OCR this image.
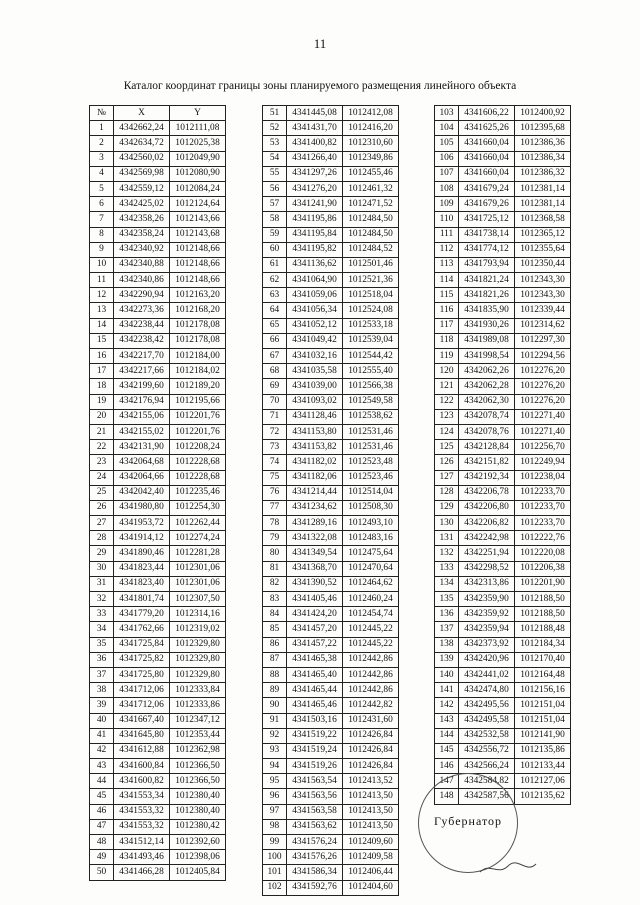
11
Каталог координат границы зоны планируемого размещения линейного объекта
№	X	Y
1	4342662,24	1012111,08
2	4342634,72	1012025,38
3	4342560,02	1012049,90
4	4342569,98	1012080,90
5	4342559,12	1012084,24
6	4342425,02	1012124,64
7	4342358,26	1012143,66
8	4342358,24	1012143,68
9	4342340,92	1012148,66
10	4342340,88	1012148,66
11	4342340,86	1012148,66
12	4342290,94	1012163,20
13	4342273,36	1012168,20
14	4342238,44	1012178,08
15	4342238,42	1012178,08
16	4342217,70	1012184,00
17	4342217,66	1012184,02
18	4342199,60	1012189,20
19	4342176,94	1012195,66
20	4342155,06	1012201,76
21	4342155,02	1012201,76
22	4342131,90	1012208,24
23	4342064,68	1012228,68
24	4342064,66	1012228,68
25	4342042,40	1012235,46
26	4341980,80	1012254,30
27	4341953,72	1012262,44
28	4341914,12	1012274,24
29	4341890,46	1012281,28
30	4341823,44	1012301,06
31	4341823,40	1012301,06
32	4341801,74	1012307,50
33	4341779,20	1012314,16
34	4341762,66	1012319,02
35	4341725,84	1012329,80
36	4341725,82	1012329,80
37	4341725,80	1012329,80
38	4341712,06	1012333,84
39	4341712,06	1012333,86
40	4341667,40	1012347,12
41	4341645,80	1012353,44
42	4341612,88	1012362,98
43	4341600,84	1012366,50
44	4341600,82	1012366,50
45	4341553,34	1012380,40
46	4341553,32	1012380,40
47	4341553,32	1012380,42
48	4341512,14	1012392,60
49	4341493,46	1012398,06
50	4341466,28	1012405,84
51	4341445,08	1012412,08
52	4341431,70	1012416,20
53	4341400,82	1012310,60
54	4341266,40	1012349,86
55	4341297,26	1012455,46
56	4341276,20	1012461,32
57	4341241,90	1012471,52
58	4341195,86	1012484,50
59	4341195,84	1012484,50
60	4341195,82	1012484,52
61	4341136,62	1012501,46
62	4341064,90	1012521,36
63	4341059,06	1012518,04
64	4341056,34	1012524,08
65	4341052,12	1012533,18
66	4341049,42	1012539,04
67	4341032,16	1012544,42
68	4341035,58	1012555,40
69	4341039,00	1012566,38
70	4341093,02	1012549,58
71	4341128,46	1012538,62
72	4341153,80	1012531,46
73	4341153,82	1012531,46
74	4341182,02	1012523,48
75	4341182,06	1012523,46
76	4341214,44	1012514,04
77	4341234,62	1012508,30
78	4341289,16	1012493,10
79	4341322,08	1012483,16
80	4341349,54	1012475,64
81	4341368,70	1012470,64
82	4341390,52	1012464,62
83	4341405,46	1012460,24
84	4341424,20	1012454,74
85	4341457,20	1012445,22
86	4341457,22	1012445,22
87	4341465,38	1012442,86
88	4341465,40	1012442,86
89	4341465,44	1012442,86
90	4341465,46	1012442,82
91	4341503,16	1012431,60
92	4341519,22	1012426,84
93	4341519,24	1012426,84
94	4341519,26	1012426,84
95	4341563,54	1012413,52
96	4341563,56	1012413,50
97	4341563,58	1012413,50
98	4341563,62	1012413,50
99	4341576,24	1012409,60
100	4341576,26	1012409,58
101	4341586,34	1012406,44
102	4341592,76	1012404,60
103	4341606,22	1012400,92
104	4341625,26	1012395,68
105	4341660,04	1012386,36
106	4341660,04	1012386,34
107	4341660,04	1012386,32
108	4341679,24	1012381,14
109	4341679,26	1012381,14
110	4341725,12	1012368,58
111	4341738,14	1012365,12
112	4341774,12	1012355,64
113	4341793,94	1012350,44
114	4341821,24	1012343,30
115	4341821,26	1012343,30
116	4341835,90	1012339,44
117	4341930,26	1012314,62
118	4341989,08	1012297,30
119	4341998,54	1012294,56
120	4342062,26	1012276,20
121	4342062,28	1012276,20
122	4342062,30	1012276,20
123	4342078,74	1012271,40
124	4342078,76	1012271,40
125	4342128,84	1012256,70
126	4342151,82	1012249,94
127	4342192,34	1012238,04
128	4342206,78	1012233,70
129	4342206,80	1012233,70
130	4342206,82	1012233,70
131	4342242,98	1012222,76
132	4342251,94	1012220,08
133	4342298,52	1012206,38
134	4342313,86	1012201,90
135	4342359,90	1012188,50
136	4342359,92	1012188,50
137	4342359,94	1012188,48
138	4342373,92	1012184,34
139	4342420,96	1012170,40
140	4342441,02	1012164,48
141	4342474,80	1012156,16
142	4342495,56	1012151,04
143	4342495,58	1012151,04
144	4342532,58	1012141,90
145	4342556,72	1012135,86
146	4342566,24	1012133,44
147	4342584,82	1012127,06
148	4342587,56	1012135,62
Губернатор
